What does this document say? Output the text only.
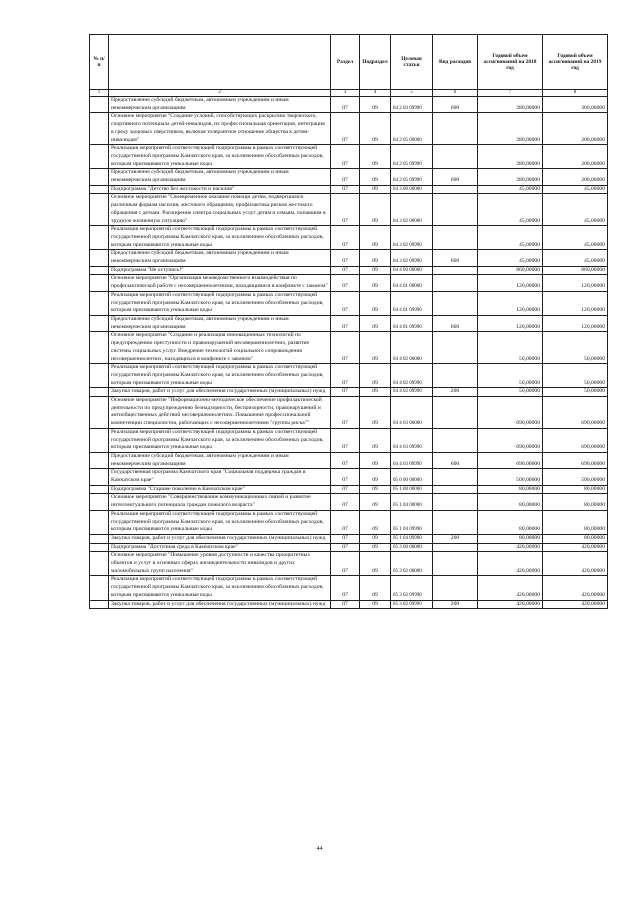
№ п/п		Раздел	Подраздел	Целевая статья	Вид расходов	Годовой объем ассигнований на 2018 год	Годовой объем ассигнований на 2019 год
1	2	3	4	5	6	7	8
	Предоставление субсидий бюджетным, автономным учреждениям и иным некоммерческим организациям	07	09	04 2 03 09990	600	280,00000	360,00000
	Основное мероприятие "Создание условий, способствующих раскрытию творческого, спортивного потенциала детей-инвалидов, их профессиональная ориентация, интеграция в среду здоровых сверстников, включая толерантное отношение общества к детям-инвалидам"	07	09	04 2 05 00000		280,00000	200,00000
	Реализация мероприятий соответствующей подпрограммы в рамках соответствующей государственной программы Камчатского края, за исключением обособленных расходов, которым присваиваются уникальные коды	07	09	04 2 05 09990		280,00000	200,00000
	Предоставление субсидий бюджетным, автономным учреждениям и иным некоммерческим организациям	07	09	04 2 05 09990	600	280,00000	200,00000
	Подпрограмма "Детство без жестокости и насилия"	07	09	04 3 00 00000		45,00000	45,00000
	Основное мероприятие "Своевременное оказание помощи детям, подвергшимся различным формам насилия, жестокого обращения, профилактика рисков жестокого обращения с детьми. Расширение спектра социальных услуг детям и семьям, попавшим в трудную жизненную ситуацию"	07	09	04 3 02 00000		45,00000	45,00000
	Реализация мероприятий соответствующей подпрограммы в рамках соответствующей государственной программы Камчатского края, за исключением обособленных расходов, которым присваиваются уникальные коды	07	09	04 3 02 09990		45,00000	45,00000
	Предоставление субсидий бюджетным, автономным учреждениям и иным некоммерческим организациям	07	09	04 3 02 09990	600	45,00000	45,00000
	Подпрограмма "Не оступись!"	07	09	04 4 00 00000		860,00000	860,00000
	Основное мероприятие "Организация межведомственного взаимодействия по профилактической работе с несовершеннолетними, находящимися в конфликте с законом"	07	09	04 4 01 00000		120,00000	120,00000
	Реализация мероприятий соответствующей подпрограммы в рамках соответствующей государственной программы Камчатского края, за исключением обособленных расходов, которым присваиваются уникальные коды	07	09	04 4 01 09990		120,00000	120,00000
	Предоставление субсидий бюджетным, автономным учреждениям и иным некоммерческим организациям	07	09	04 4 01 09990	600	120,00000	120,00000
	Основное мероприятие "Создание и реализация инновационных технологий по предупреждению преступности и правонарушений несовершеннолетних, развитие системы социальных услуг. Внедрение технологий социального сопровождения несовершеннолетних, находящихся в конфликте с законом"	07	09	04 4 02 00000		50,00000	50,00000
	Реализация мероприятий соответствующей подпрограммы в рамках соответствующей государственной программы Камчатского края, за исключением обособленных расходов, которым присваиваются уникальные коды	07	09	04 4 02 09990		50,00000	50,00000
	Закупка товаров, работ и услуг для обеспечения государственных (муниципальных) нужд	07	09	04 4 02 09990	200	50,00000	50,00000
	Основное мероприятие "Информационно-методическое обеспечение профилактической деятельности по предупреждению безнадзорности, беспризорности, правонарушений и антиобщественных действий несовершеннолетних. Повышение профессиональной компетенции специалистов, работающих с несовершеннолетними "группы риска""	07	09	04 4 03 00000		690,00000	690,00000
	Реализация мероприятий соответствующей подпрограммы в рамках соответствующей государственной программы Камчатского края, за исключением обособленных расходов, которым присваиваются уникальные коды	07	09	04 4 03 09990		690,00000	690,00000
	Предоставление субсидий бюджетным, автономным учреждениям и иным некоммерческим организациям	07	09	04 4 03 09990	600	690,00000	690,00000
	Государственная программа Камчатского края "Социальная поддержка граждан в Камчатском крае"	07	09	05 0 00 00000		500,00000	500,00000
	Подпрограмма "Старшее поколение в Камчатском крае"	07	09	05 1 00 00000		80,00000	80,00000
	Основное мероприятие "Совершенствование коммуникационных связей и развитие интеллектуального потенциала граждан пожилого возраста"	07	09	05 1 04 00000		80,00000	80,00000
	Реализация мероприятий соответствующей подпрограммы в рамках соответствующей государственной программы Камчатского края, за исключением обособленных расходов, которым присваиваются уникальные коды	07	09	05 1 04 09990		80,00000	80,00000
	Закупка товаров, работ и услуг для обеспечения государственных (муниципальных) нужд	07	09	05 1 04 09990	200	80,00000	80,00000
	Подпрограмма "Доступная среда в Камчатском крае"	07	09	05 3 00 00000		420,00000	420,00000
	Основное мероприятие "Повышение уровня доступности и качества приоритетных объектов и услуг в основных сферах жизнедеятельности инвалидов и других маломобильных групп населения"	07	09	05 3 02 00000		420,00000	420,00000
	Реализация мероприятий соответствующей подпрограммы в рамках соответствующей государственной программы Камчатского края, за исключением обособленных расходов, которым присваиваются уникальные коды	07	09	05 3 02 09990		420,00000	420,00000
	Закупка товаров, работ и услуг для обеспечения государственных (муниципальных) нужд	07	09	05 3 02 09990	200	420,00000	420,00000
44
